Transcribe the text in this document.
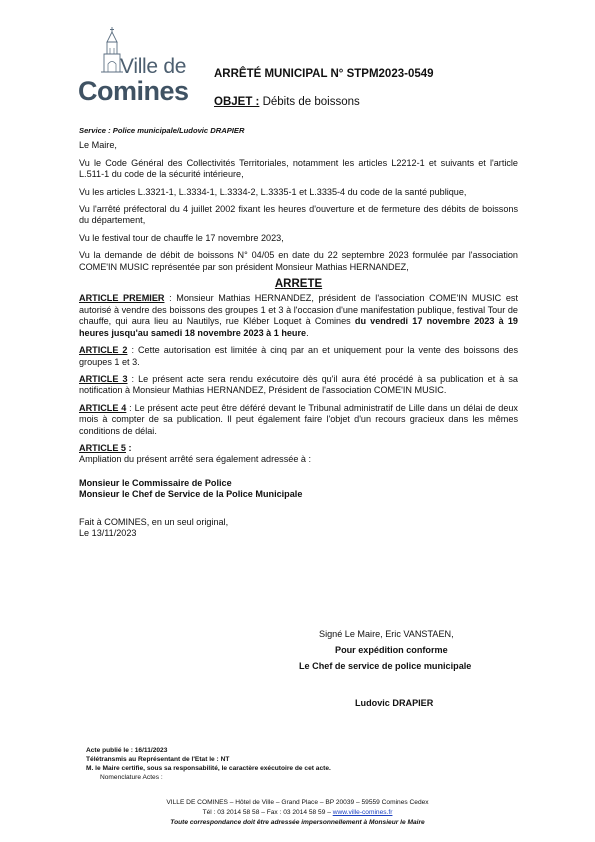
Ville de
Comines
ARRÊTÉ MUNICIPAL N° STPM2023-0549
OBJET : Débits de boissons
Service : Police municipale/Ludovic DRAPIER

Le Maire,

Vu le Code Général des Collectivités Territoriales, notamment les articles L2212-1 et suivants et l'article L.511-1 du code de la sécurité intérieure,

Vu les articles L.3321-1, L.3334-1, L.3334-2, L.3335-1 et L.3335-4 du code de la santé publique,

Vu l'arrêté préfectoral du 4 juillet 2002 fixant les heures d'ouverture et de fermeture des débits de boissons du département,

Vu le festival tour de chauffe le 17 novembre 2023,

Vu la demande de débit de boissons N° 04/05 en date du 22 septembre 2023 formulée par l'association COME'IN MUSIC représentée par son président Monsieur Mathias HERNANDEZ,

ARRETE

ARTICLE PREMIER : Monsieur Mathias HERNANDEZ, président de l'association COME'IN MUSIC est autorisé à vendre des boissons des groupes 1 et 3 à l'occasion d'une manifestation publique, festival Tour de chauffe, qui aura lieu au Nautilys, rue Kléber Loquet à Comines du vendredi 17 novembre 2023 à 19 heures jusqu'au samedi 18 novembre 2023 à 1 heure.

ARTICLE 2 : Cette autorisation est limitée à cinq par an et uniquement pour la vente des boissons des groupes 1 et 3.

ARTICLE 3 : Le présent acte sera rendu exécutoire dès qu'il aura été procédé à sa publication et à sa notification à Monsieur Mathias HERNANDEZ, Président de l'association COME'IN MUSIC.

ARTICLE 4 : Le présent acte peut être déféré devant le Tribunal administratif de Lille dans un délai de deux mois à compter de sa publication. Il peut également faire l'objet d'un recours gracieux dans les mêmes conditions de délai.

ARTICLE 5 :

Ampliation du présent arrêté sera également adressée à :

Monsieur le Commissaire de Police

Monsieur le Chef de Service de la Police Municipale

Fait à COMINES, en un seul original,

Le 13/11/2023

Signé Le Maire, Eric VANSTAEN,
Pour expédition conforme
Le Chef de service de police municipale
Ludovic DRAPIER
Acte publié le : 16/11/2023
Télétransmis au Représentant de l'Etat le : NT
M. le Maire certifie, sous sa responsabilité, le caractère exécutoire de cet acte.
Nomenclature Actes :
VILLE DE COMINES – Hôtel de Ville – Grand Place – BP 20039 – 59559 Comines Cedex
Tél : 03 2014 58 58 – Fax : 03 2014 58 59 – www.ville-comines.fr
Toute correspondance doit être adressée impersonnellement à Monsieur le Maire
